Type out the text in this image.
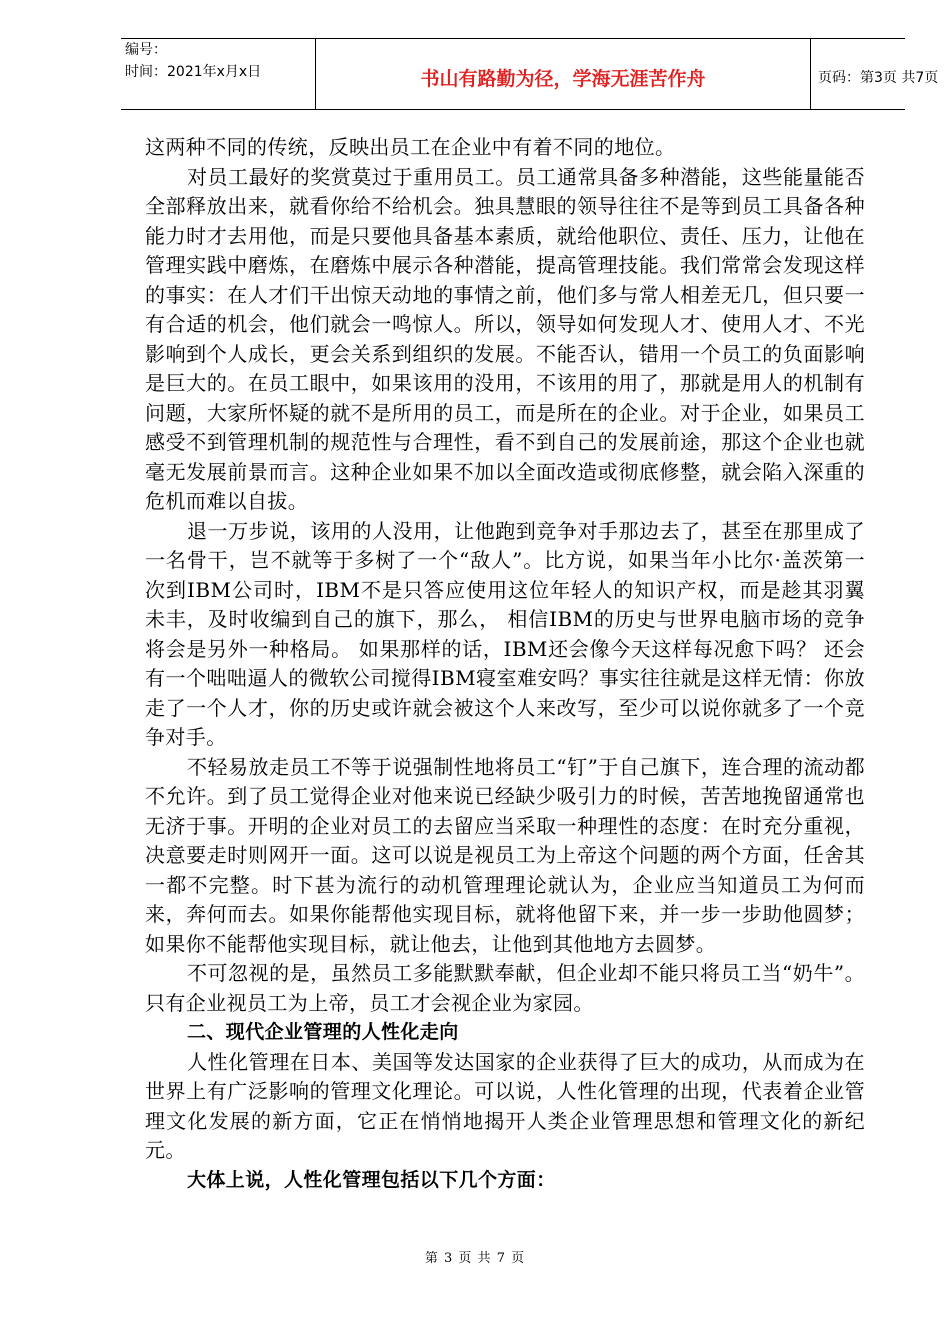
编号：
时间：2021年x月x日	书山有路勤为径，学海无涯苦作舟	页码：第3页 共7页

这两种不同的传统，反映出员工在企业中有着不同的地位。

对员工最好的奖赏莫过于重用员工。员工通常具备多种潜能，这些能量能否全部释放出来，就看你给不给机会。独具慧眼的领导往往不是等到员工具备各种能力时才去用他，而是只要他具备基本素质，就给他职位、责任、压力，让他在管理实践中磨炼，在磨炼中展示各种潜能，提高管理技能。我们常常会发现这样的事实：在人才们干出惊天动地的事情之前，他们多与常人相差无几，但只要一有合适的机会，他们就会一鸣惊人。所以，领导如何发现人才、使用人才、不光影响到个人成长，更会关系到组织的发展。不能否认，错用一个员工的负面影响是巨大的。在员工眼中，如果该用的没用，不该用的用了，那就是用人的机制有问题，大家所怀疑的就不是所用的员工，而是所在的企业。对于企业，如果员工感受不到管理机制的规范性与合理性，看不到自己的发展前途，那这个企业也就毫无发展前景而言。这种企业如果不加以全面改造或彻底修整，就会陷入深重的危机而难以自拔。

退一万步说，该用的人没用，让他跑到竞争对手那边去了，甚至在那里成了一名骨干，岂不就等于多树了一个“敌人”。比方说，如果当年小比尔·盖茨第一次到IBM公司时，IBM不是只答应使用这位年轻人的知识产权，而是趁其羽翼未丰，及时收编到自己的旗下，那么， 相信IBM的历史与世界电脑市场的竞争将会是另外一种格局。 如果那样的话，IBM还会像今天这样每况愈下吗？ 还会有一个咄咄逼人的微软公司搅得IBM寝室难安吗？事实往往就是这样无情：你放走了一个人才，你的历史或许就会被这个人来改写，至少可以说你就多了一个竞争对手。

不轻易放走员工不等于说强制性地将员工“钉”于自己旗下，连合理的流动都不允许。到了员工觉得企业对他来说已经缺少吸引力的时候，苦苦地挽留通常也无济于事。开明的企业对员工的去留应当采取一种理性的态度：在时充分重视，决意要走时则网开一面。这可以说是视员工为上帝这个问题的两个方面，任舍其一都不完整。时下甚为流行的动机管理理论就认为，企业应当知道员工为何而来，奔何而去。如果你能帮他实现目标，就将他留下来，并一步一步助他圆梦；如果你不能帮他实现目标，就让他去，让他到其他地方去圆梦。

不可忽视的是，虽然员工多能默默奉献，但企业却不能只将员工当“奶牛”。只有企业视员工为上帝，员工才会视企业为家园。

二、现代企业管理的人性化走向

人性化管理在日本、美国等发达国家的企业获得了巨大的成功，从而成为在世界上有广泛影响的管理文化理论。可以说，人性化管理的出现，代表着企业管理文化发展的新方面，它正在悄悄地揭开人类企业管理思想和管理文化的新纪元。

大体上说，人性化管理包括以下几个方面：

第 3 页 共 7 页
